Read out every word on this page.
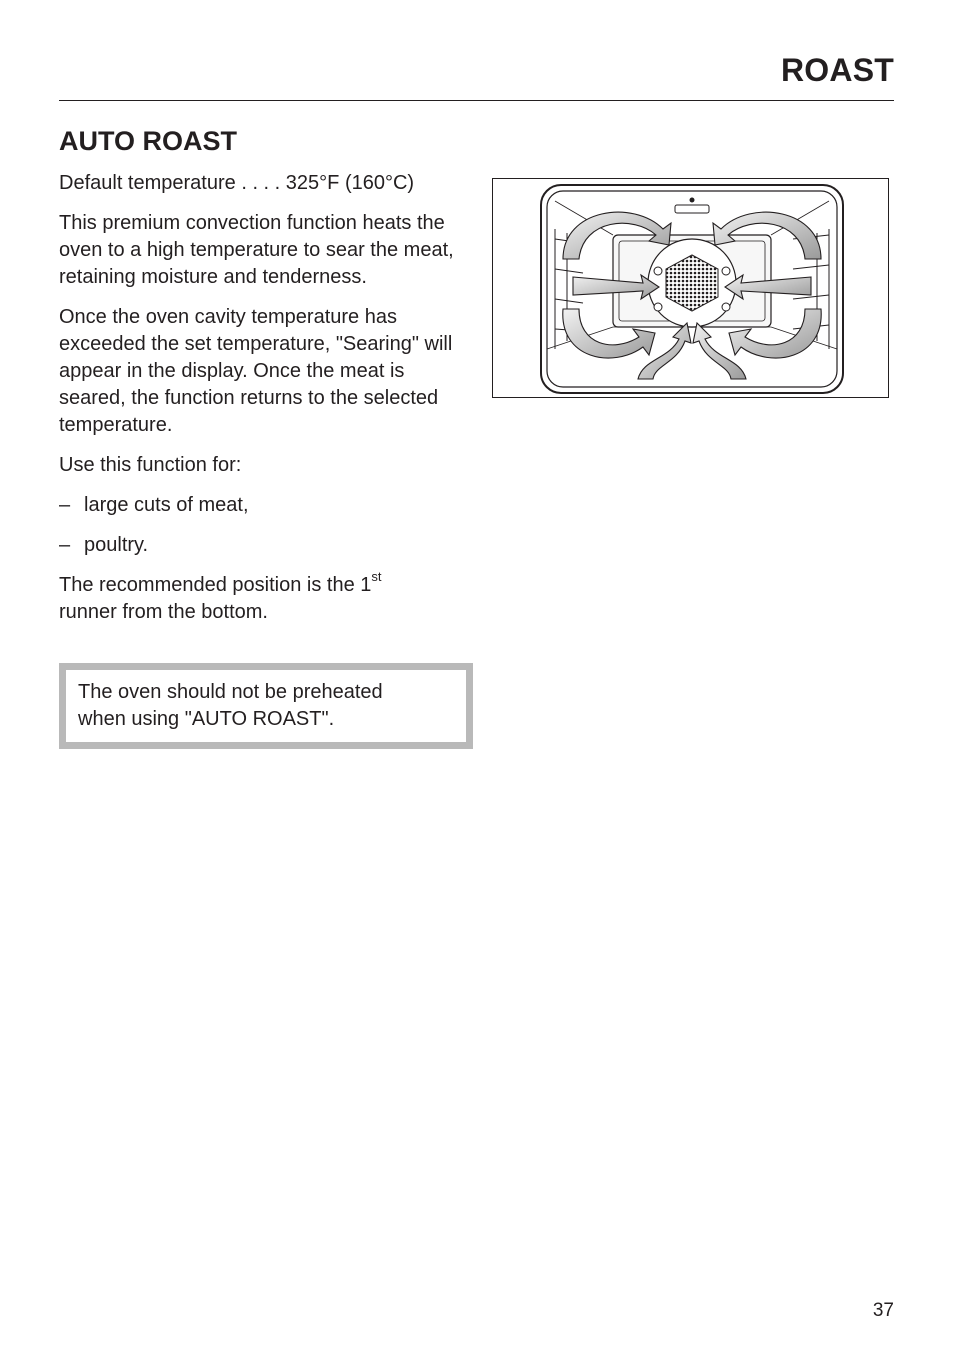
ROAST
AUTO ROAST

Default temperature . . . . 325°F (160°C)

This premium convection function heats the oven to a high temperature to sear the meat, retaining moisture and tenderness.

Once the oven cavity temperature has exceeded the set temperature, "Searing" will appear in the display. Once the meat is seared, the function returns to the selected temperature.

Use this function for:

– large cuts of meat,

– poultry.

The recommended position is the 1st
runner from the bottom.

The oven should not be preheated
when using "AUTO ROAST".
37
